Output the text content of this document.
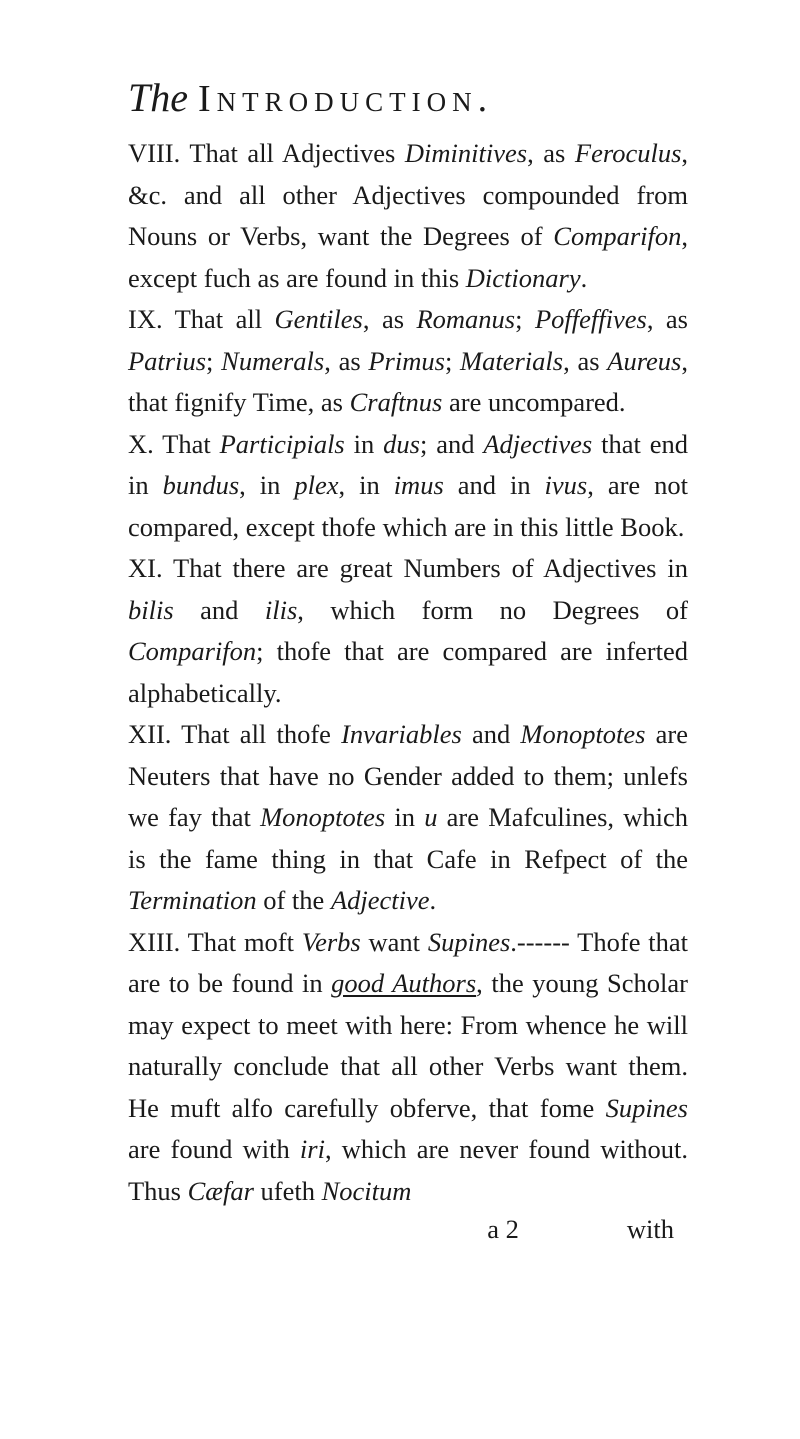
The Introduction.

VIII. That all Adjectives Diminitives, as Feroculus, &c. and all other Adjectives compounded from Nouns or Verbs, want the Degrees of Comparifon, except fuch as are found in this Dictionary.

IX. That all Gentiles, as Romanus; Poffeffives, as Patrius; Numerals, as Primus; Materials, as Aureus, that fignify Time, as Craftnus are uncompared.

X. That Participials in dus; and Adjectives that end in bundus, in plex, in imus and in ivus, are not compared, except thofe which are in this little Book.

XI. That there are great Numbers of Adjectives in bilis and ilis, which form no Degrees of Comparifon; thofe that are compared are inferted alphabetically.

XII. That all thofe Invariables and Monoptotes are Neuters that have no Gender added to them; unlefs we fay that Monoptotes in u are Mafculines, which is the fame thing in that Cafe in Refpect of the Termination of the Adjective.

XIII. That moft Verbs want Supines.------ Thofe that are to be found in good Authors, the young Scholar may expect to meet with here: From whence he will naturally conclude that all other Verbs want them. He muft alfo carefully obferve, that fome Supines are found with iri, which are never found without. Thus Cæfar ufeth Nocitum

a 2	with
